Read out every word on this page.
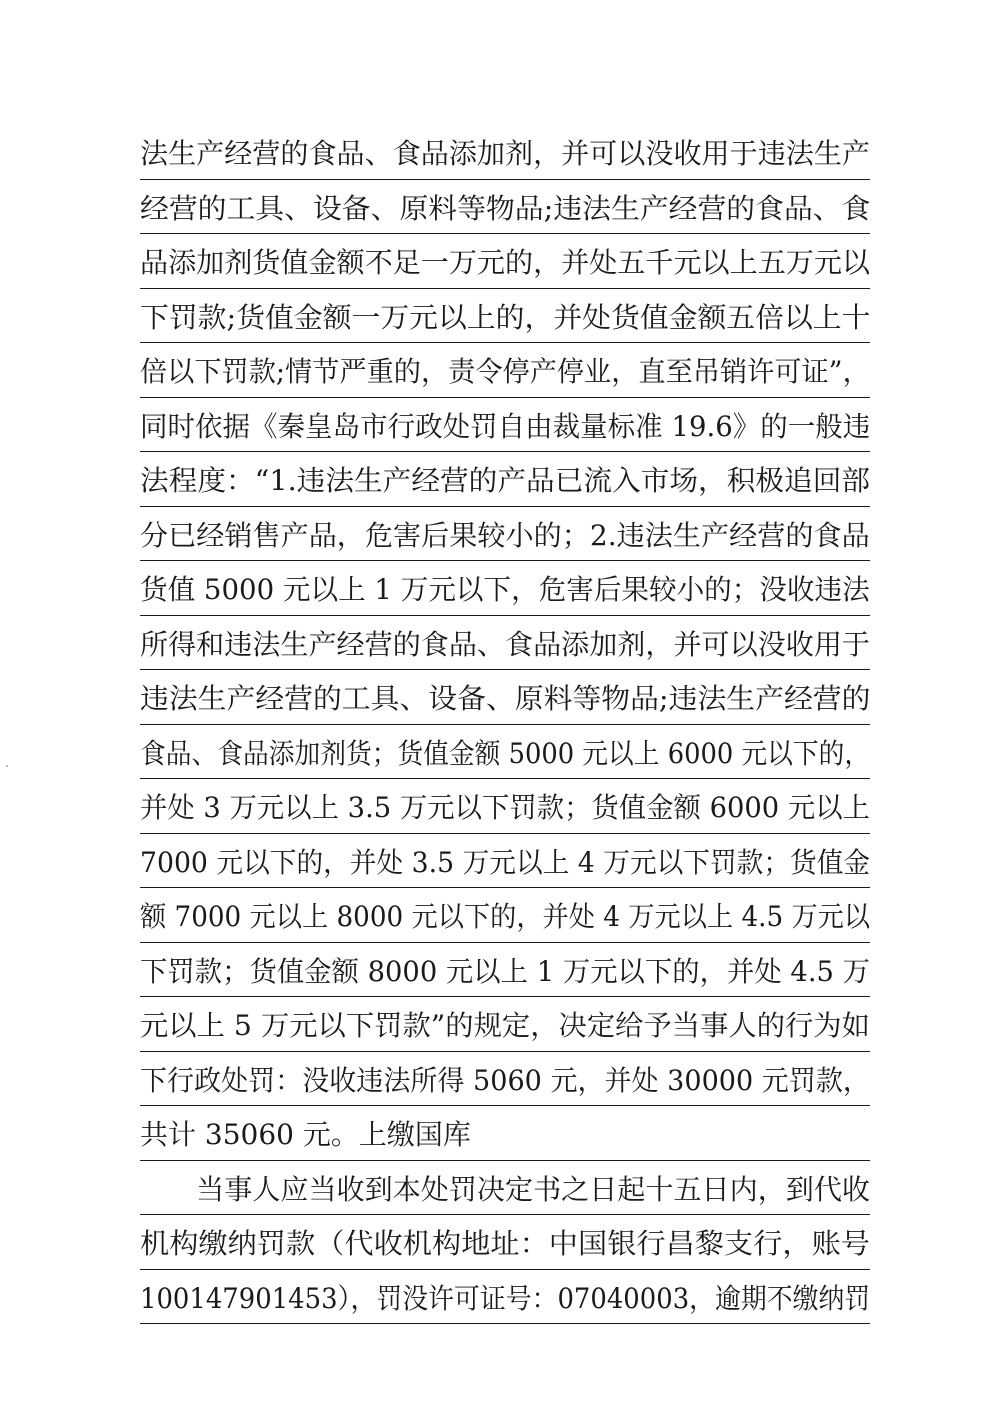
法生产经营的食品、食品添加剂，并可以没收用于违法生产
经营的工具、设备、原料等物品;违法生产经营的食品、食
品添加剂货值金额不足一万元的，并处五千元以上五万元以
下罚款;货值金额一万元以上的，并处货值金额五倍以上十
倍以下罚款;情节严重的，责令停产停业，直至吊销许可证”，
同时依据《秦皇岛市行政处罚自由裁量标准 19.6》的一般违
法程度：“1.违法生产经营的产品已流入市场，积极追回部
分已经销售产品，危害后果较小的；2.违法生产经营的食品
货值 5000 元以上 1 万元以下，危害后果较小的；没收违法
所得和违法生产经营的食品、食品添加剂，并可以没收用于
违法生产经营的工具、设备、原料等物品;违法生产经营的
食品、食品添加剂货；货值金额 5000 元以上 6000 元以下的，
并处 3 万元以上 3.5 万元以下罚款；货值金额 6000 元以上
7000 元以下的，并处 3.5 万元以上 4 万元以下罚款；货值金
额 7000 元以上 8000 元以下的，并处 4 万元以上 4.5 万元以
下罚款；货值金额 8000 元以上 1 万元以下的，并处 4.5 万
元以上 5 万元以下罚款”的规定，决定给予当事人的行为如
下行政处罚：没收违法所得 5060 元，并处 30000 元罚款，
共计 35060 元。上缴国库
当事人应当收到本处罚决定书之日起十五日内，到代收
机构缴纳罚款（代收机构地址：中国银行昌黎支行，账号
100147901453），罚没许可证号：07040003，逾期不缴纳罚
